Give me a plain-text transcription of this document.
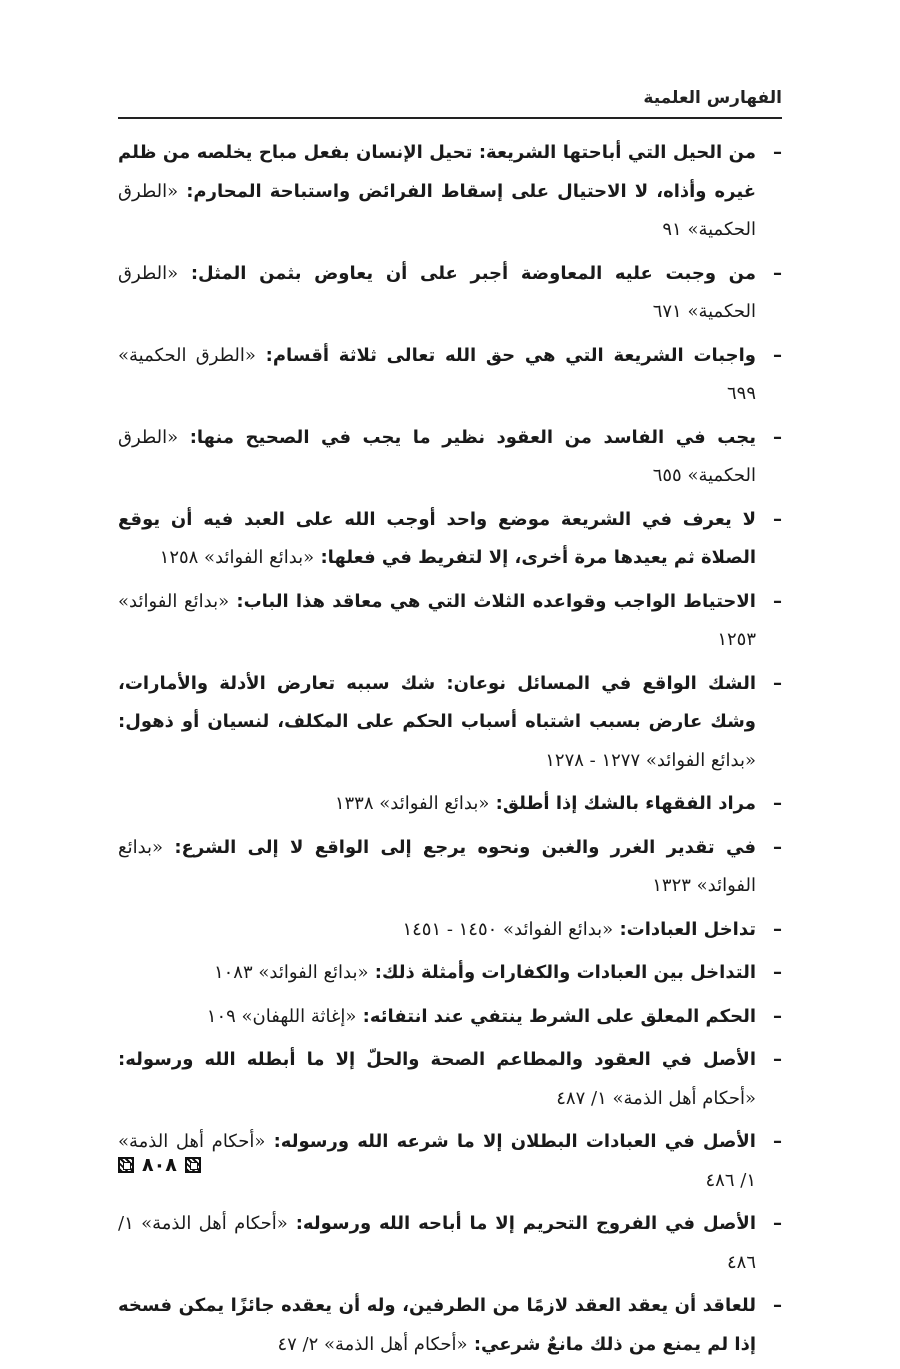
الفهارس العلمية
–
من الحيل التي أباحتها الشريعة: تحيل الإنسان بفعل مباح يخلصه من ظلم غيره وأذاه، لا الاحتيال على إسقاط الفرائض واستباحة المحارم: «الطرق الحكمية» ٩١
–
من وجبت عليه المعاوضة أجبر على أن يعاوض بثمن المثل: «الطرق الحكمية» ٦٧١
–
واجبات الشريعة التي هي حق الله تعالى ثلاثة أقسام: «الطرق الحكمية» ٦٩٩
–
يجب في الفاسد من العقود نظير ما يجب في الصحيح منها: «الطرق الحكمية» ٦٥٥
–
لا يعرف في الشريعة موضع واحد أوجب الله على العبد فيه أن يوقع الصلاة ثم يعيدها مرة أخرى، إلا لتفريط في فعلها: «بدائع الفوائد» ١٢٥٨
–
الاحتياط الواجب وقواعده الثلاث التي هي معاقد هذا الباب: «بدائع الفوائد» ١٢٥٣
–
الشك الواقع في المسائل نوعان: شك سببه تعارض الأدلة والأمارات، وشك عارض بسبب اشتباه أسباب الحكم على المكلف، لنسيان أو ذهول: «بدائع الفوائد» ١٢٧٧ - ١٢٧٨
–
مراد الفقهاء بالشك إذا أطلق: «بدائع الفوائد» ١٣٣٨
–
في تقدير الغرر والغبن ونحوه يرجع إلى الواقع لا إلى الشرع: «بدائع الفوائد» ١٣٢٣
–
تداخل العبادات: «بدائع الفوائد» ١٤٥٠ - ١٤٥١
–
التداخل بين العبادات والكفارات وأمثلة ذلك: «بدائع الفوائد» ١٠٨٣
–
الحكم المعلق على الشرط ينتفي عند انتفائه: «إغاثة اللهفان» ١٠٩
–
الأصل في العقود والمطاعم الصحة والحلّ إلا ما أبطله الله ورسوله: «أحكام أهل الذمة» ١/ ٤٨٧
–
الأصل في العبادات البطلان إلا ما شرعه الله ورسوله: «أحكام أهل الذمة» ١/ ٤٨٦
–
الأصل في الفروج التحريم إلا ما أباحه الله ورسوله: «أحكام أهل الذمة» ١/ ٤٨٦
–
للعاقد أن يعقد العقد لازمًا من الطرفين، وله أن يعقده جائزًا يمكن فسخه إذا لم يمنع من ذلك مانعٌ شرعي: «أحكام أهل الذمة» ٢/ ٤٧
٨٠٨
